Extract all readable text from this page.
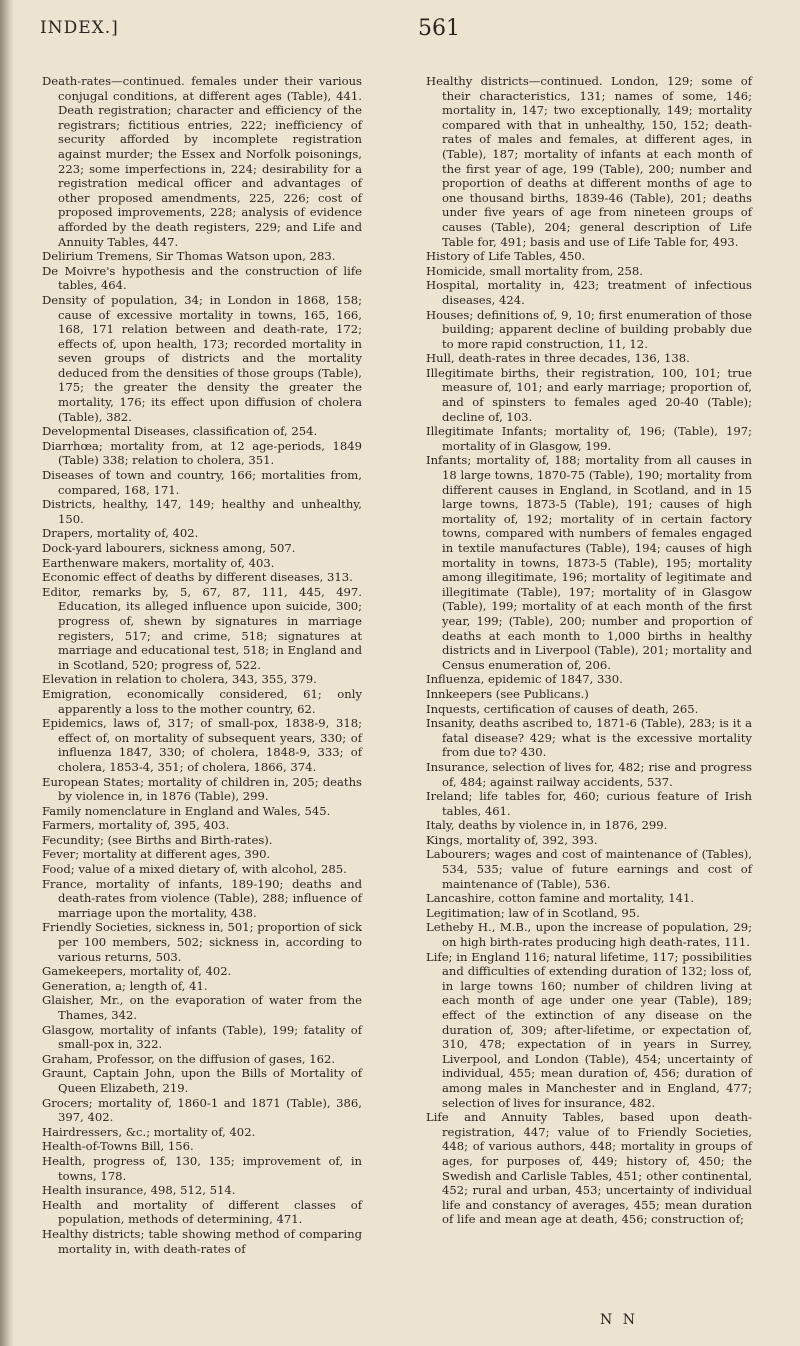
INDEX.]	561

Death-rates—continued. females under their various conjugal conditions, at different ages (Table), 441. Death registration; character and efficiency of the registrars; fictitious entries, 222; inefficiency of security afforded by incomplete registration against murder; the Essex and Norfolk poisonings, 223; some imperfections in, 224; desirability for a registration medical officer and advantages of other proposed amendments, 225, 226; cost of proposed improvements, 228; analysis of evidence afforded by the death registers, 229; and Life and Annuity Tables, 447.

Delirium Tremens, Sir Thomas Watson upon, 283.

De Moivre's hypothesis and the construction of life tables, 464.

Density of population, 34; in London in 1868, 158; cause of excessive mortality in towns, 165, 166, 168, 171 relation between and death-rate, 172; effects of, upon health, 173; recorded mortality in seven groups of districts and the mortality deduced from the densities of those groups (Table), 175; the greater the density the greater the mortality, 176; its effect upon diffusion of cholera (Table), 382.

Developmental Diseases, classification of, 254.

Diarrhœa; mortality from, at 12 age-periods, 1849 (Table) 338; relation to cholera, 351.

Diseases of town and country, 166; mortalities from, compared, 168, 171.

Districts, healthy, 147, 149; healthy and unhealthy, 150.

Drapers, mortality of, 402.

Dock-yard labourers, sickness among, 507.

Earthenware makers, mortality of, 403.

Economic effect of deaths by different diseases, 313.

Editor, remarks by, 5, 67, 87, 111, 445, 497. Education, its alleged influence upon suicide, 300; progress of, shewn by signatures in marriage registers, 517; and crime, 518; signatures at marriage and educational test, 518; in England and in Scotland, 520; progress of, 522.

Elevation in relation to cholera, 343, 355, 379.

Emigration, economically considered, 61; only apparently a loss to the mother country, 62.

Epidemics, laws of, 317; of small-pox, 1838-9, 318; effect of, on mortality of subsequent years, 330; of influenza 1847, 330; of cholera, 1848-9, 333; of cholera, 1853-4, 351; of cholera, 1866, 374.

European States; mortality of children in, 205; deaths by violence in, in 1876 (Table), 299.

Family nomenclature in England and Wales, 545.

Farmers, mortality of, 395, 403.

Fecundity; (see Births and Birth-rates).

Fever; mortality at different ages, 390.

Food; value of a mixed dietary of, with alcohol, 285.

France, mortality of infants, 189-190; deaths and death-rates from violence (Table), 288; influence of marriage upon the mortality, 438.

Friendly Societies, sickness in, 501; proportion of sick per 100 members, 502; sickness in, according to various returns, 503.

Gamekeepers, mortality of, 402.

Generation, a; length of, 41.

Glaisher, Mr., on the evaporation of water from the Thames, 342.

Glasgow, mortality of infants (Table), 199; fatality of small-pox in, 322.

Graham, Professor, on the diffusion of gases, 162.

Graunt, Captain John, upon the Bills of Mortality of Queen Elizabeth, 219.

Grocers; mortality of, 1860-1 and 1871 (Table), 386, 397, 402.

Hairdressers, &c.; mortality of, 402.

Health-of-Towns Bill, 156.

Health, progress of, 130, 135; improvement of, in towns, 178.

Health insurance, 498, 512, 514.

Health and mortality of different classes of population, methods of determining, 471.

Healthy districts; table showing method of comparing mortality in, with death-rates of

Healthy districts—continued. London, 129; some of their characteristics, 131; names of some, 146; mortality in, 147; two exceptionally, 149; mortality compared with that in unhealthy, 150, 152; death-rates of males and females, at different ages, in (Table), 187; mortality of infants at each month of the first year of age, 199 (Table), 200; number and proportion of deaths at different months of age to one thousand births, 1839-46 (Table), 201; deaths under five years of age from nineteen groups of causes (Table), 204; general description of Life Table for, 491; basis and use of Life Table for, 493.

History of Life Tables, 450.

Homicide, small mortality from, 258.

Hospital, mortality in, 423; treatment of infectious diseases, 424.

Houses; definitions of, 9, 10; first enumeration of those building; apparent decline of building probably due to more rapid construction, 11, 12.

Hull, death-rates in three decades, 136, 138.

Illegitimate births, their registration, 100, 101; true measure of, 101; and early marriage; proportion of, and of spinsters to females aged 20-40 (Table); decline of, 103.

Illegitimate Infants; mortality of, 196; (Table), 197; mortality of in Glasgow, 199.

Infants; mortality of, 188; mortality from all causes in 18 large towns, 1870-75 (Table), 190; mortality from different causes in England, in Scotland, and in 15 large towns, 1873-5 (Table), 191; causes of high mortality of, 192; mortality of in certain factory towns, compared with numbers of females engaged in textile manufactures (Table), 194; causes of high mortality in towns, 1873-5 (Table), 195; mortality among illegitimate, 196; mortality of legitimate and illegitimate (Table), 197; mortality of in Glasgow (Table), 199; mortality of at each month of the first year, 199; (Table), 200; number and proportion of deaths at each month to 1,000 births in healthy districts and in Liverpool (Table), 201; mortality and Census enumeration of, 206.

Influenza, epidemic of 1847, 330.

Innkeepers (see Publicans.)

Inquests, certification of causes of death, 265.

Insanity, deaths ascribed to, 1871-6 (Table), 283; is it a fatal disease? 429; what is the excessive mortality from due to? 430.

Insurance, selection of lives for, 482; rise and progress of, 484; against railway accidents, 537.

Ireland; life tables for, 460; curious feature of Irish tables, 461.

Italy, deaths by violence in, in 1876, 299.

Kings, mortality of, 392, 393.

Labourers; wages and cost of maintenance of (Tables), 534, 535; value of future earnings and cost of maintenance of (Table), 536.

Lancashire, cotton famine and mortality, 141.

Legitimation; law of in Scotland, 95.

Letheby H., M.B., upon the increase of population, 29; on high birth-rates producing high death-rates, 111.

Life; in England 116; natural lifetime, 117; possibilities and difficulties of extending duration of 132; loss of, in large towns 160; number of children living at each month of age under one year (Table), 189; effect of the extinction of any disease on the duration of, 309; after-lifetime, or expectation of, 310, 478; expectation of in years in Surrey, Liverpool, and London (Table), 454; uncertainty of individual, 455; mean duration of, 456; duration of among males in Manchester and in England, 477; selection of lives for insurance, 482.

Life and Annuity Tables, based upon death-registration, 447; value of to Friendly Societies, 448; of various authors, 448; mortality in groups of ages, for purposes of, 449; history of, 450; the Swedish and Carlisle Tables, 451; other continental, 452; rural and urban, 453; uncertainty of individual life and constancy of averages, 455; mean duration of life and mean age at death, 456; construction of;

N N
